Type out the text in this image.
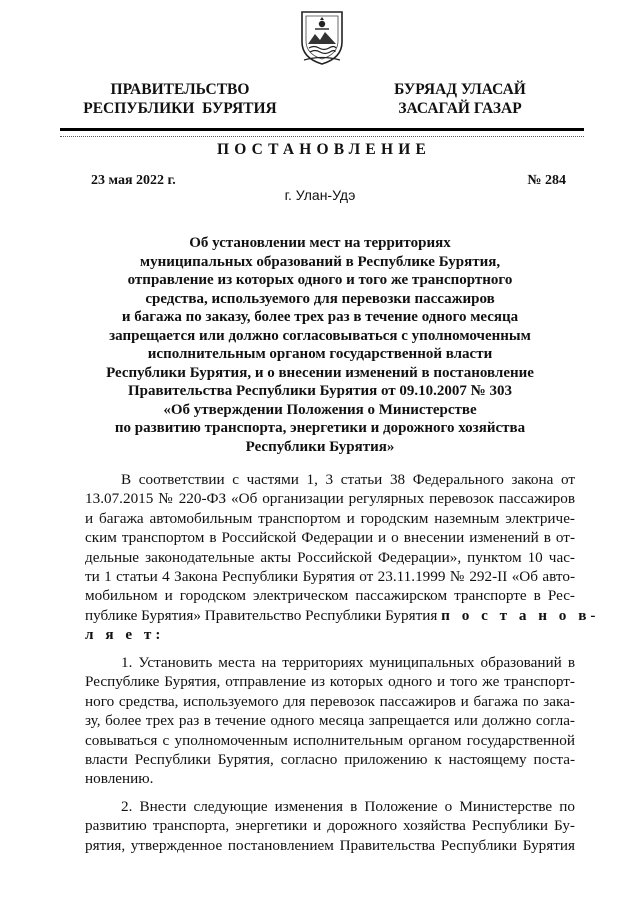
ПРАВИТЕЛЬСТВО
РЕСПУБЛИКИ  БУРЯТИЯ
БУРЯАД УЛАСАЙ
ЗАСАГАЙ ГАЗАР
ПОСТАНОВЛЕНИЕ
23 мая 2022 г.	№ 284
г. Улан-Удэ
Об установлении мест на территориях
муниципальных образований в Республике Бурятия,
отправление из которых одного и того же транспортного
средства, используемого для перевозки пассажиров
и багажа по заказу, более трех раз в течение одного месяца
запрещается или должно согласовываться с уполномоченным
исполнительным органом государственной власти
Республики Бурятия, и о внесении изменений в постановление
Правительства Республики Бурятия от 09.10.2007 № 303
«Об утверждении Положения о Министерстве
по развитию транспорта, энергетики и дорожного хозяйства
Республики Бурятия»
В соответствии с частями 1, 3 статьи 38 Федерального закона от
13.07.2015 № 220-ФЗ «Об организации регулярных перевозок пассажиров
и багажа автомобильным транспортом и городским наземным электриче-
ским транспортом в Российской Федерации и о внесении изменений в от-
дельные законодательные акты Российской Федерации», пунктом 10 час-
ти 1 статьи 4 Закона Республики Бурятия от 23.11.1999 № 292-II «Об авто-
мобильном и городском электрическом пассажирском транспорте в Рес-
публике Бурятия» Правительство Республики Бурятия п о с т а н о в-
л я е т:
1. Установить места на территориях муниципальных образований в
Республике Бурятия, отправление из которых одного и того же транспорт-
ного средства, используемого для перевозок пассажиров и багажа по зака-
зу, более трех раз в течение одного месяца запрещается или должно согла-
совываться с уполномоченным исполнительным органом государственной
власти Республики Бурятия, согласно приложению к настоящему поста-
новлению.
2. Внести следующие изменения в Положение о Министерстве по
развитию транспорта, энергетики и дорожного хозяйства Республики Бу-
рятия, утвержденное постановлением Правительства Республики Бурятия
